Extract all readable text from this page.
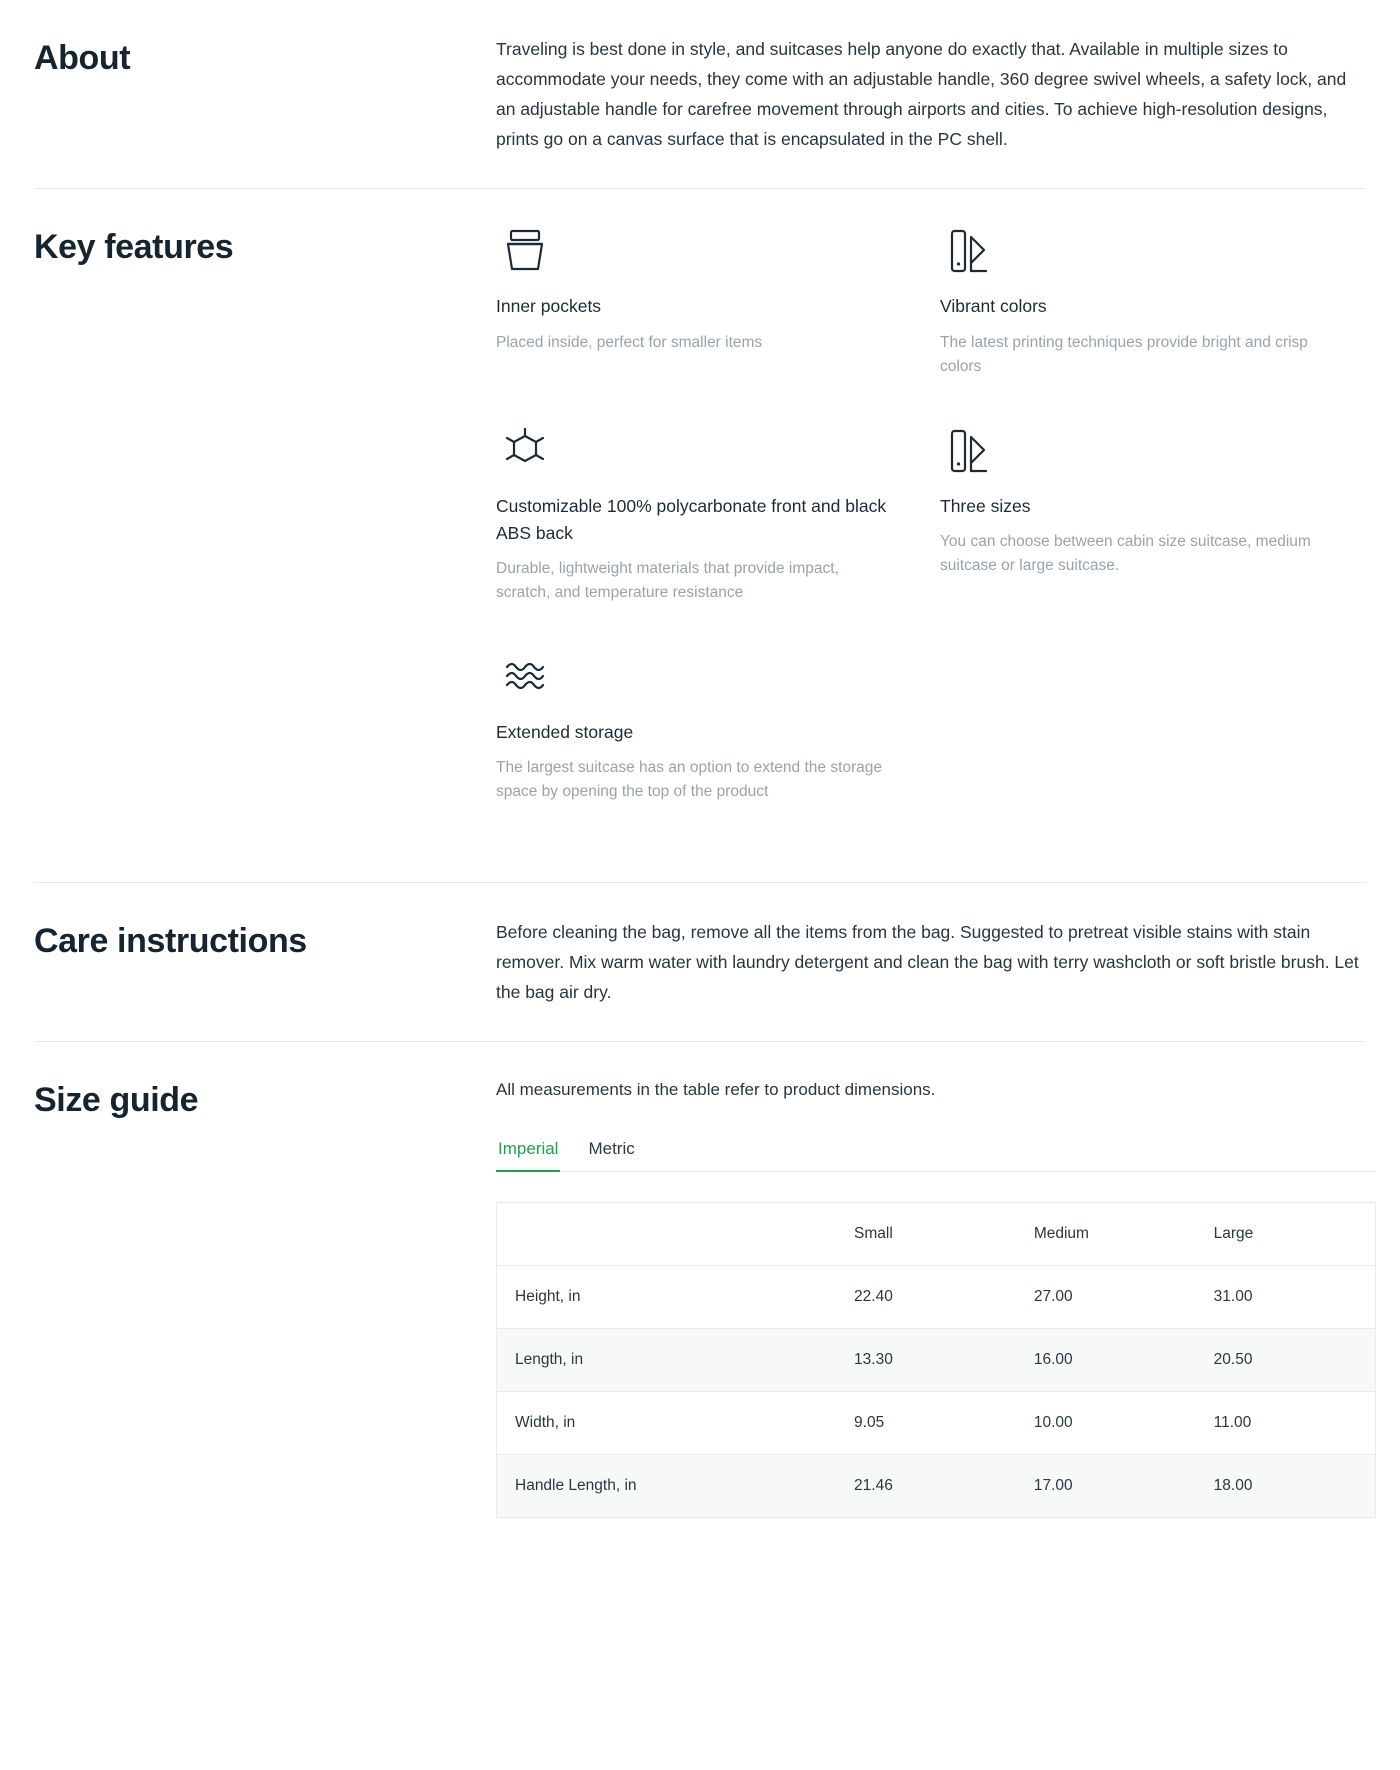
About	Traveling is best done in style, and suitcases help anyone do exactly that. Available in multiple sizes to accommodate your needs, they come with an adjustable handle, 360 degree swivel wheels, a safety lock, and an adjustable handle for carefree movement through airports and cities. To achieve high-resolution designs, prints go on a canvas surface that is encapsulated in the PC shell.

Key features

Inner pockets

Placed inside, perfect for smaller items

Vibrant colors

The latest printing techniques provide bright and crisp colors

Customizable 100% polycarbonate front and black ABS back

Durable, lightweight materials that provide impact, scratch, and temperature resistance

Three sizes

You can choose between cabin size suitcase, medium suitcase or large suitcase.

Extended storage

The largest suitcase has an option to extend the storage space by opening the top of the product

Care instructions	Before cleaning the bag, remove all the items from the bag. Suggested to pretreat visible stains with stain remover. Mix warm water with laundry detergent and clean the bag with terry washcloth or soft bristle brush. Let the bag air dry.

Size guide	All measurements in the table refer to product dimensions.

Imperial Metric
	Small	Medium	Large
Height, in	22.40	27.00	31.00
Length, in	13.30	16.00	20.50
Width, in	9.05	10.00	11.00
Handle Length, in	21.46	17.00	18.00
